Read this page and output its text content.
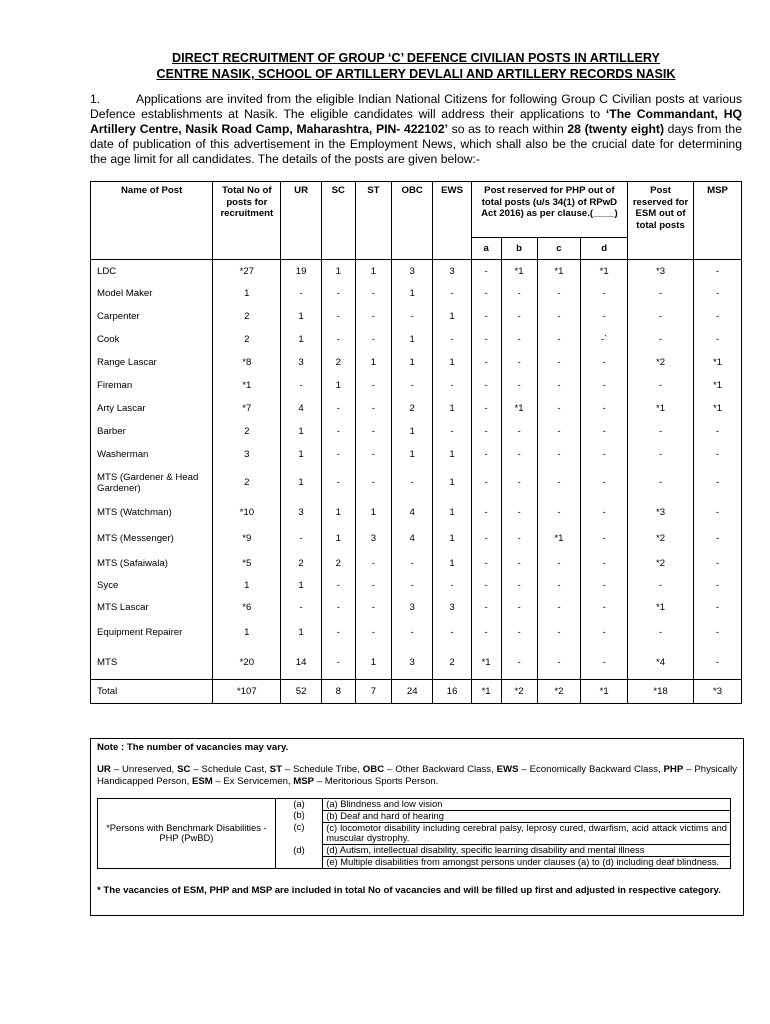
DIRECT RECRUITMENT OF GROUP ‘C’ DEFENCE CIVILIAN POSTS IN ARTILLERY
CENTRE NASIK, SCHOOL OF ARTILLERY DEVLALI AND ARTILLERY RECORDS NASIK
1.	Applications are invited from the eligible Indian National Citizens for following Group C Civilian posts at various Defence establishments at Nasik. The eligible candidates will address their applications to ‘The Commandant, HQ Artillery Centre, Nasik Road Camp, Maharashtra, PIN- 422102’ so as to reach within 28 (twenty eight) days from the date of publication of this advertisement in the Employment News, which shall also be the crucial date for determining the age limit for all candidates. The details of the posts are given below:-
Name of Post	Total No of posts for recruitment	UR	SC	ST	OBC	EWS	Post reserved for PHP out of total posts (u/s 34(1) of RPwD Act 2016) as per clause.(____)				Post reserved for ESM out of total posts	MSP
							a	b	c	d		
LDC	*27	19	1	1	3	3	-	*1	*1	*1	*3	-
Model Maker	1	-	-	-	1	-	-	-	-	-	-	-
Carpenter	2	1	-	-	-	1	-	-	-	-	-	-
Cook	2	1	-	-	1	-	-	-	-	-`	-	-
Range Lascar	*8	3	2	1	1	1	-	-	-	-	*2	*1
Fireman	*1	-	1	-	-	-	-	-	-	-	-	*1
Arty Lascar	*7	4	-	-	2	1	-	*1	-	-	*1	*1
Barber	2	1	-	-	1	-	-	-	-	-	-	-
Washerman	3	1	-	-	1	1	-	-	-	-	-	-
MTS (Gardener & Head Gardener)	2	1	-	-	-	1	-	-	-	-	-	-
MTS (Watchman)	*10	3	1	1	4	1	-	-	-	-	*3	-
MTS (Messenger)	*9	-	1	3	4	1	-	-	*1	-	*2	-
MTS (Safaiwala)	*5	2	2	-	-	1	-	-	-	-	*2	-
Syce	1	1	-	-	-	-	-	-	-	-	-	-
MTS Lascar	*6	-	-	-	3	3	-	-	-	-	*1	-
Equipment Repairer	1	1	-	-	-	-	-	-	-	-	-	-
MTS	*20	14	-	1	3	2	*1	-	-	-	*4	-
Total	*107	52	8	7	24	16	*1	*2	*2	*1	*18	*3
Note : The number of vacancies may vary.
UR – Unreserved, SC – Schedule Cast, ST – Schedule Tribe, OBC – Other Backward Class, EWS – Economically Backward Class, PHP – Physically Handicapped Person, ESM – Ex Servicemen, MSP – Meritorious Sports Person.
*Persons with Benchmark Disabilities - PHP (PwBD)	(a)	(a) Blindness and low vision
	(b)	(b) Deaf and hard of hearing
	(c)	(c) locomotor disability including cerebral palsy, leprosy cured, dwarfism, acid attack victims and muscular dystrophy.
	(d)	(d) Autism, intellectual disability, specific learning disability and mental illness
		(e) Multiple disabilities from amongst persons under clauses (a) to (d) including deaf blindness.
* The vacancies of ESM, PHP and MSP are included in total No of vacancies and will be filled up first and adjusted in respective category.
